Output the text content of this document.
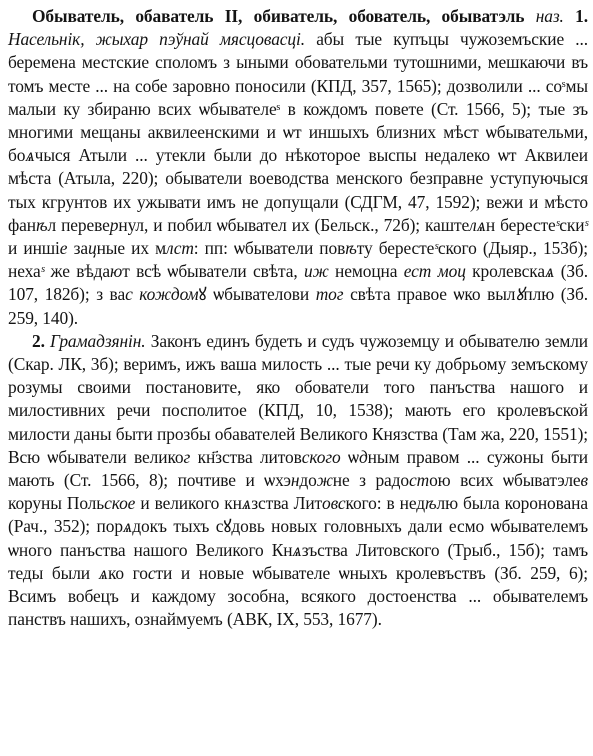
Обыватель, обаватель II, обиватель, обователь, обыватэль наз. 1. Насельнік, жыхар пэўнай мясцовасці. абы тые купъцы чужоземъские ... беремена местские споломъ з ыными обовательми тутошними, мешкаючи въ томъ месте ... на собе заровно поносили (КПД, 357, 1565); дозволили ... соˢмы малыи ку збираню всих ѡбывателеˢ в кождомъ повете (Ст. 1566, 5); тые зъ многими мещаны аквилеенскими и ѡт иншыхъ близних мѣст ѡбывательми, боѧчыся Атыли ... утекли были до нѣкоторое выспы недалеко ѡт Аквилеи мѣста (Атыла, 220); обыватели воеводства менского безправне уступуючыся тых кгрунтов их ужывати имъ не допущали (СДГМ, 47, 1592); вежи и мѣсто фанѣл перевернул, и побил ѡбывател их (Бельск., 72б); каштелѧн берестеˢскиˢ и иншіе зацные их млст: пп: ѡбыватели повѣту берестеˢского (Дыяр., 153б); нехаˢ же вѣдают всѣ ѡбыватели свѣта, иж немоцна ест моц кролевскаѧ (Зб. 107, 182б); з вас кождомꙋ ѡбывателови тог свѣта правое ѡко вылꙋплю (Зб. 259, 140).

2. Грамадзянін. Законъ единъ будеть и судъ чужоземцу и обывателю земли (Скар. ЛК, 3б); веримъ, ижъ ваша милость ... тые речи ку добрьому земъскому розумы своими постановите, яко обователи того панъства нашого и милостивних речи посполитое (КПД, 10, 1538); мають его кролевъской милости даны быти прозбы обавателей Великого Князства (Там жа, 220, 1551); Всю ѡбыватели великог кн҃зства литовского ѡдным правом ... сужоны быти мають (Ст. 1566, 8); почтиве и ѡхэндожне з радостою всих ѡбыватэлев коруны Польское и великого кнѧзства Литовского: в недѣлю была коронована (Рач., 352); порѧдокъ тыхъ сꙋдовь новых головныхъ дали есмо ѡбывателемъ ѡного панъства нашого Великого Кнѧзъства Литовского (Трыб., 15б); тамъ теды были ѧко гости и новые ѡбывателе ѡныхъ кролевъствъ (Зб. 259, 6); Всимъ вобецъ и каждому зособна, всякого достоенства ... обывателемъ панствъ нашихъ, ознаймуемъ (АВК, IX, 553, 1677).
